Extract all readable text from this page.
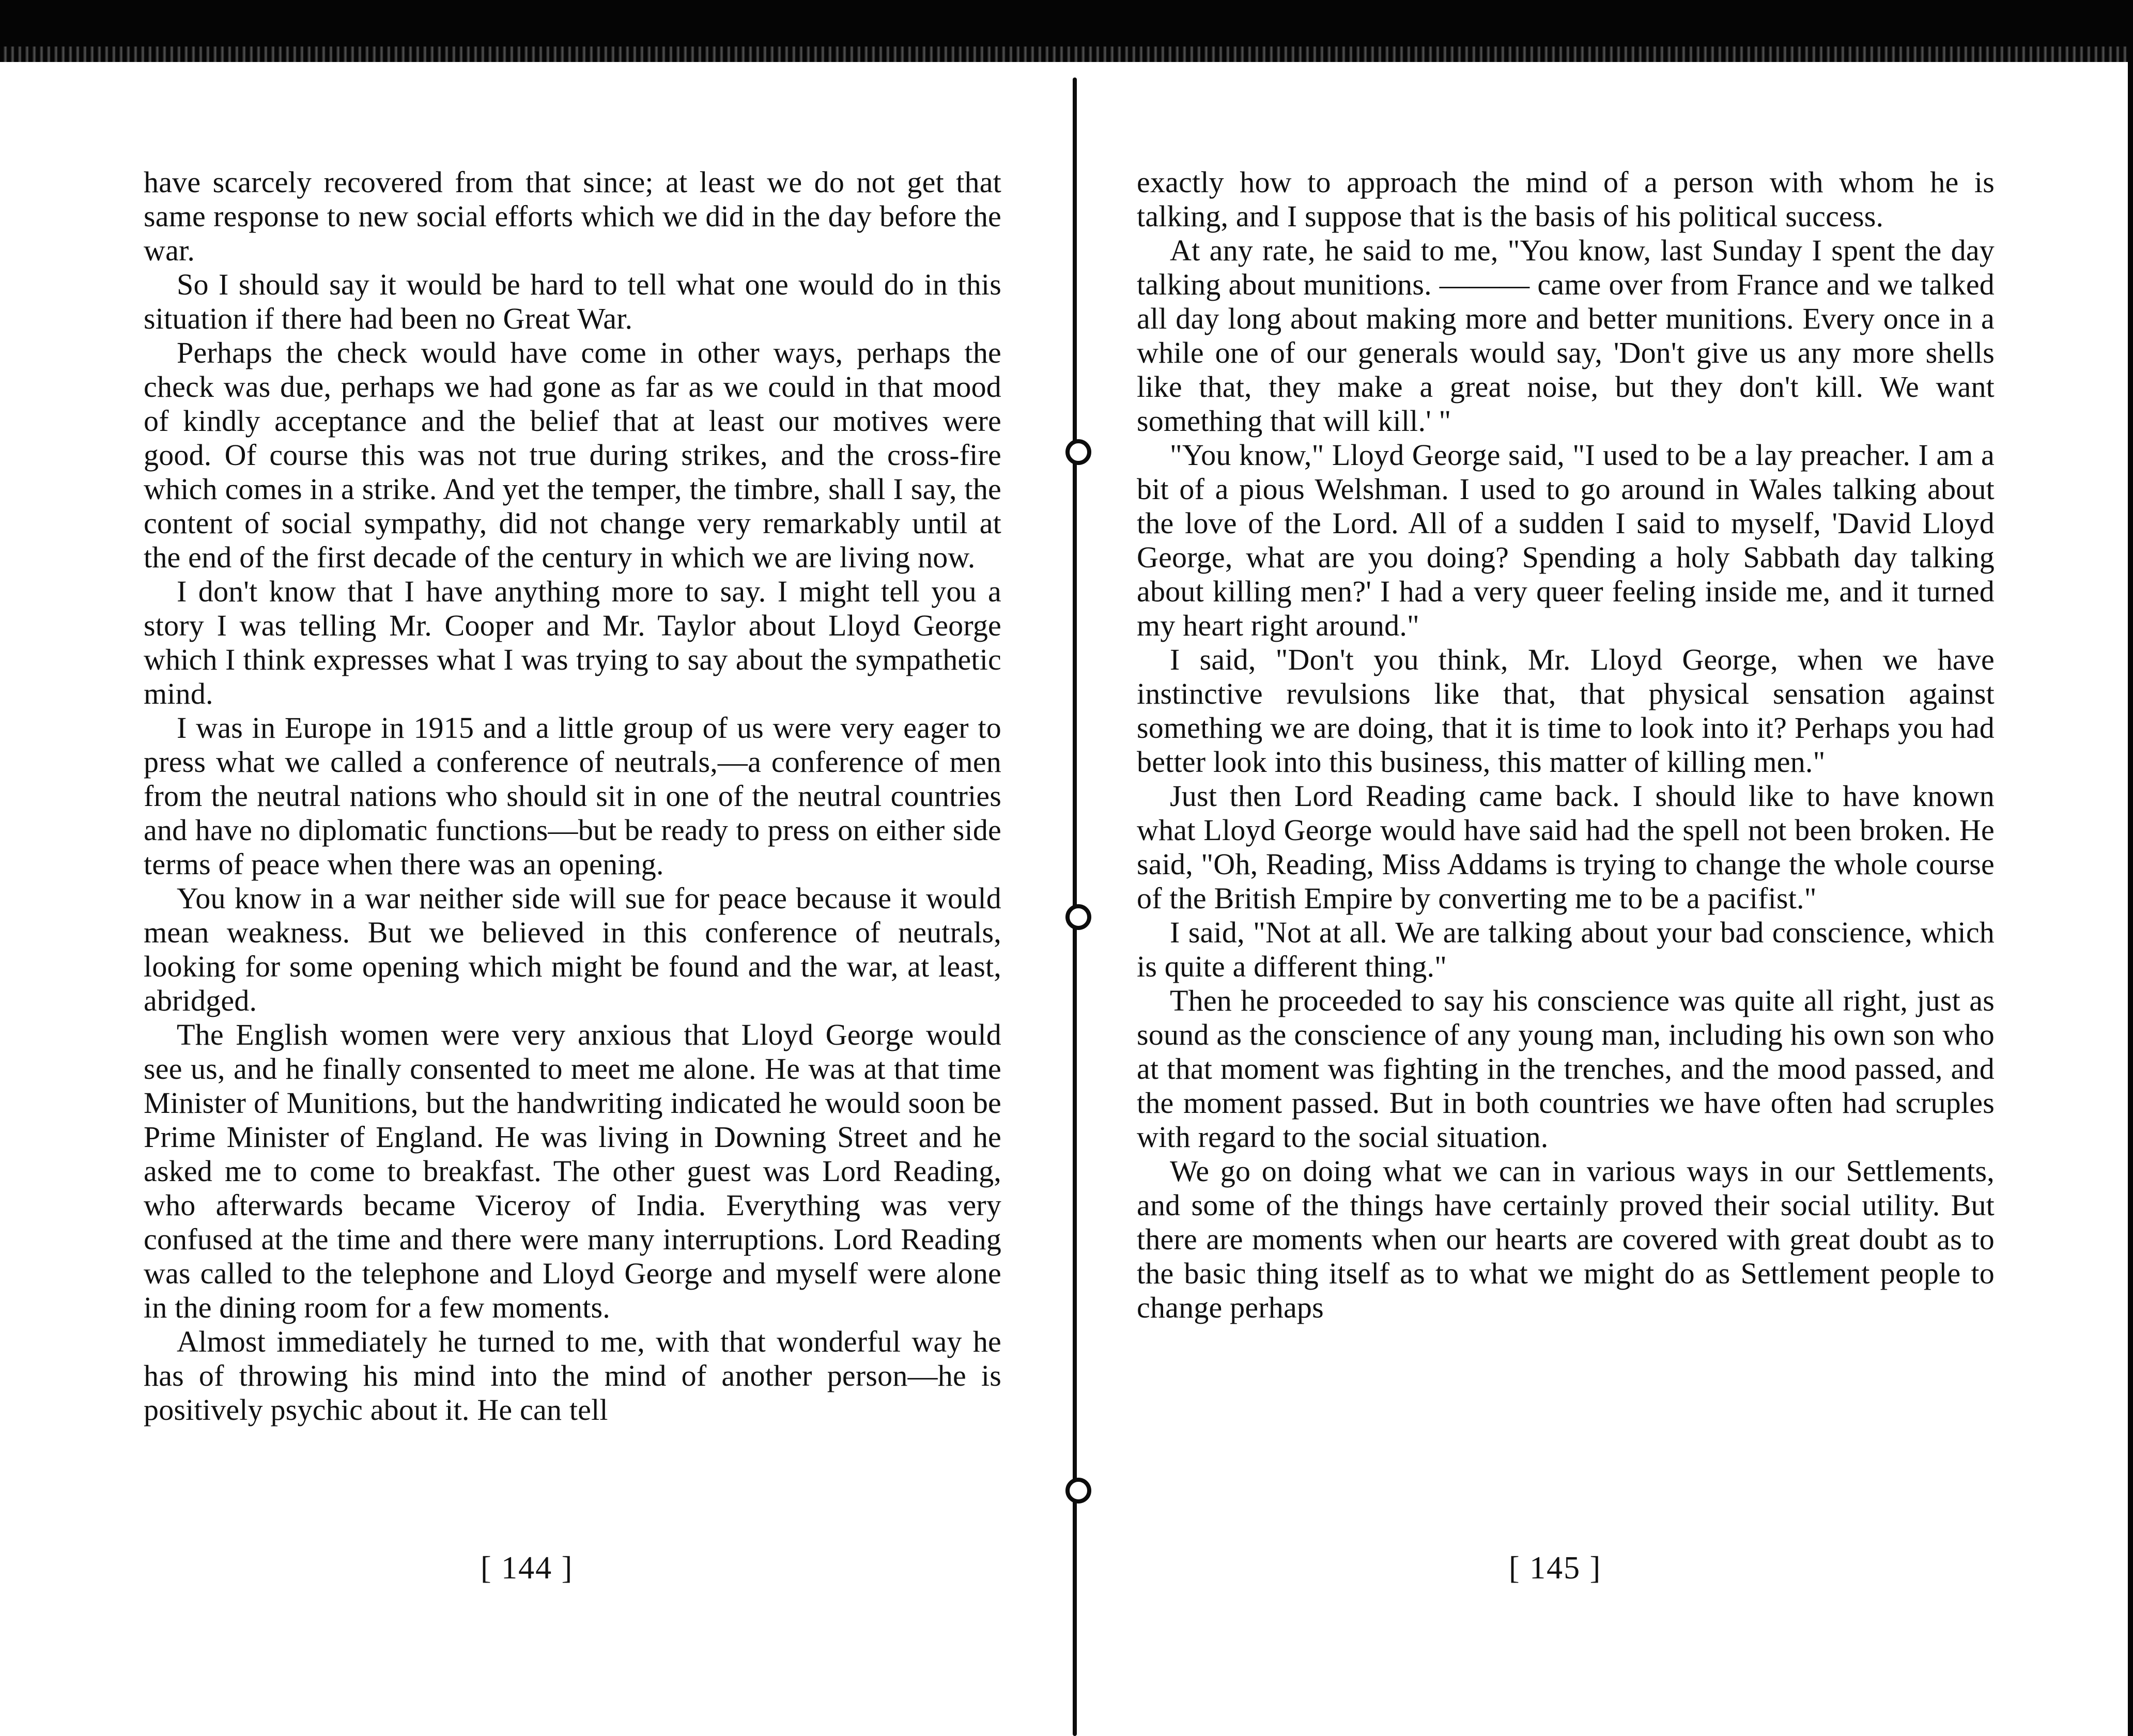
have scarcely recovered from that since; at least we do not get that same response to new social efforts which we did in the day before the war.

So I should say it would be hard to tell what one would do in this situation if there had been no Great War.

Perhaps the check would have come in other ways, perhaps the check was due, perhaps we had gone as far as we could in that mood of kindly acceptance and the belief that at least our motives were good. Of course this was not true during strikes, and the cross-fire which comes in a strike. And yet the temper, the timbre, shall I say, the content of social sympathy, did not change very remarkably until at the end of the first decade of the century in which we are living now.

I don't know that I have anything more to say. I might tell you a story I was telling Mr. Cooper and Mr. Taylor about Lloyd George which I think expresses what I was trying to say about the sympathetic mind.

I was in Europe in 1915 and a little group of us were very eager to press what we called a conference of neutrals,—a conference of men from the neutral nations who should sit in one of the neutral countries and have no diplomatic functions—but be ready to press on either side terms of peace when there was an opening.

You know in a war neither side will sue for peace because it would mean weakness. But we believed in this conference of neutrals, looking for some opening which might be found and the war, at least, abridged.

The English women were very anxious that Lloyd George would see us, and he finally consented to meet me alone. He was at that time Minister of Munitions, but the handwriting indicated he would soon be Prime Minister of England. He was living in Downing Street and he asked me to come to breakfast. The other guest was Lord Reading, who afterwards became Viceroy of India. Everything was very confused at the time and there were many interruptions. Lord Reading was called to the telephone and Lloyd George and myself were alone in the dining room for a few moments.

Almost immediately he turned to me, with that wonderful way he has of throwing his mind into the mind of another person—he is positively psychic about it. He can tell

[ 144 ]

exactly how to approach the mind of a person with whom he is talking, and I suppose that is the basis of his political success.

At any rate, he said to me, "You know, last Sunday I spent the day talking about munitions. ——— came over from France and we talked all day long about making more and better munitions. Every once in a while one of our generals would say, 'Don't give us any more shells like that, they make a great noise, but they don't kill. We want something that will kill.' "

"You know," Lloyd George said, "I used to be a lay preacher. I am a bit of a pious Welshman. I used to go around in Wales talking about the love of the Lord. All of a sudden I said to myself, 'David Lloyd George, what are you doing? Spending a holy Sabbath day talking about killing men?' I had a very queer feeling inside me, and it turned my heart right around."

I said, "Don't you think, Mr. Lloyd George, when we have instinctive revulsions like that, that physical sensation against something we are doing, that it is time to look into it? Perhaps you had better look into this business, this matter of killing men."

Just then Lord Reading came back. I should like to have known what Lloyd George would have said had the spell not been broken. He said, "Oh, Reading, Miss Addams is trying to change the whole course of the British Empire by converting me to be a pacifist."

I said, "Not at all. We are talking about your bad conscience, which is quite a different thing."

Then he proceeded to say his conscience was quite all right, just as sound as the conscience of any young man, including his own son who at that moment was fighting in the trenches, and the mood passed, and the moment passed. But in both countries we have often had scruples with regard to the social situation.

We go on doing what we can in various ways in our Settlements, and some of the things have certainly proved their social utility. But there are moments when our hearts are covered with great doubt as to the basic thing itself as to what we might do as Settlement people to change perhaps

[ 145 ]
